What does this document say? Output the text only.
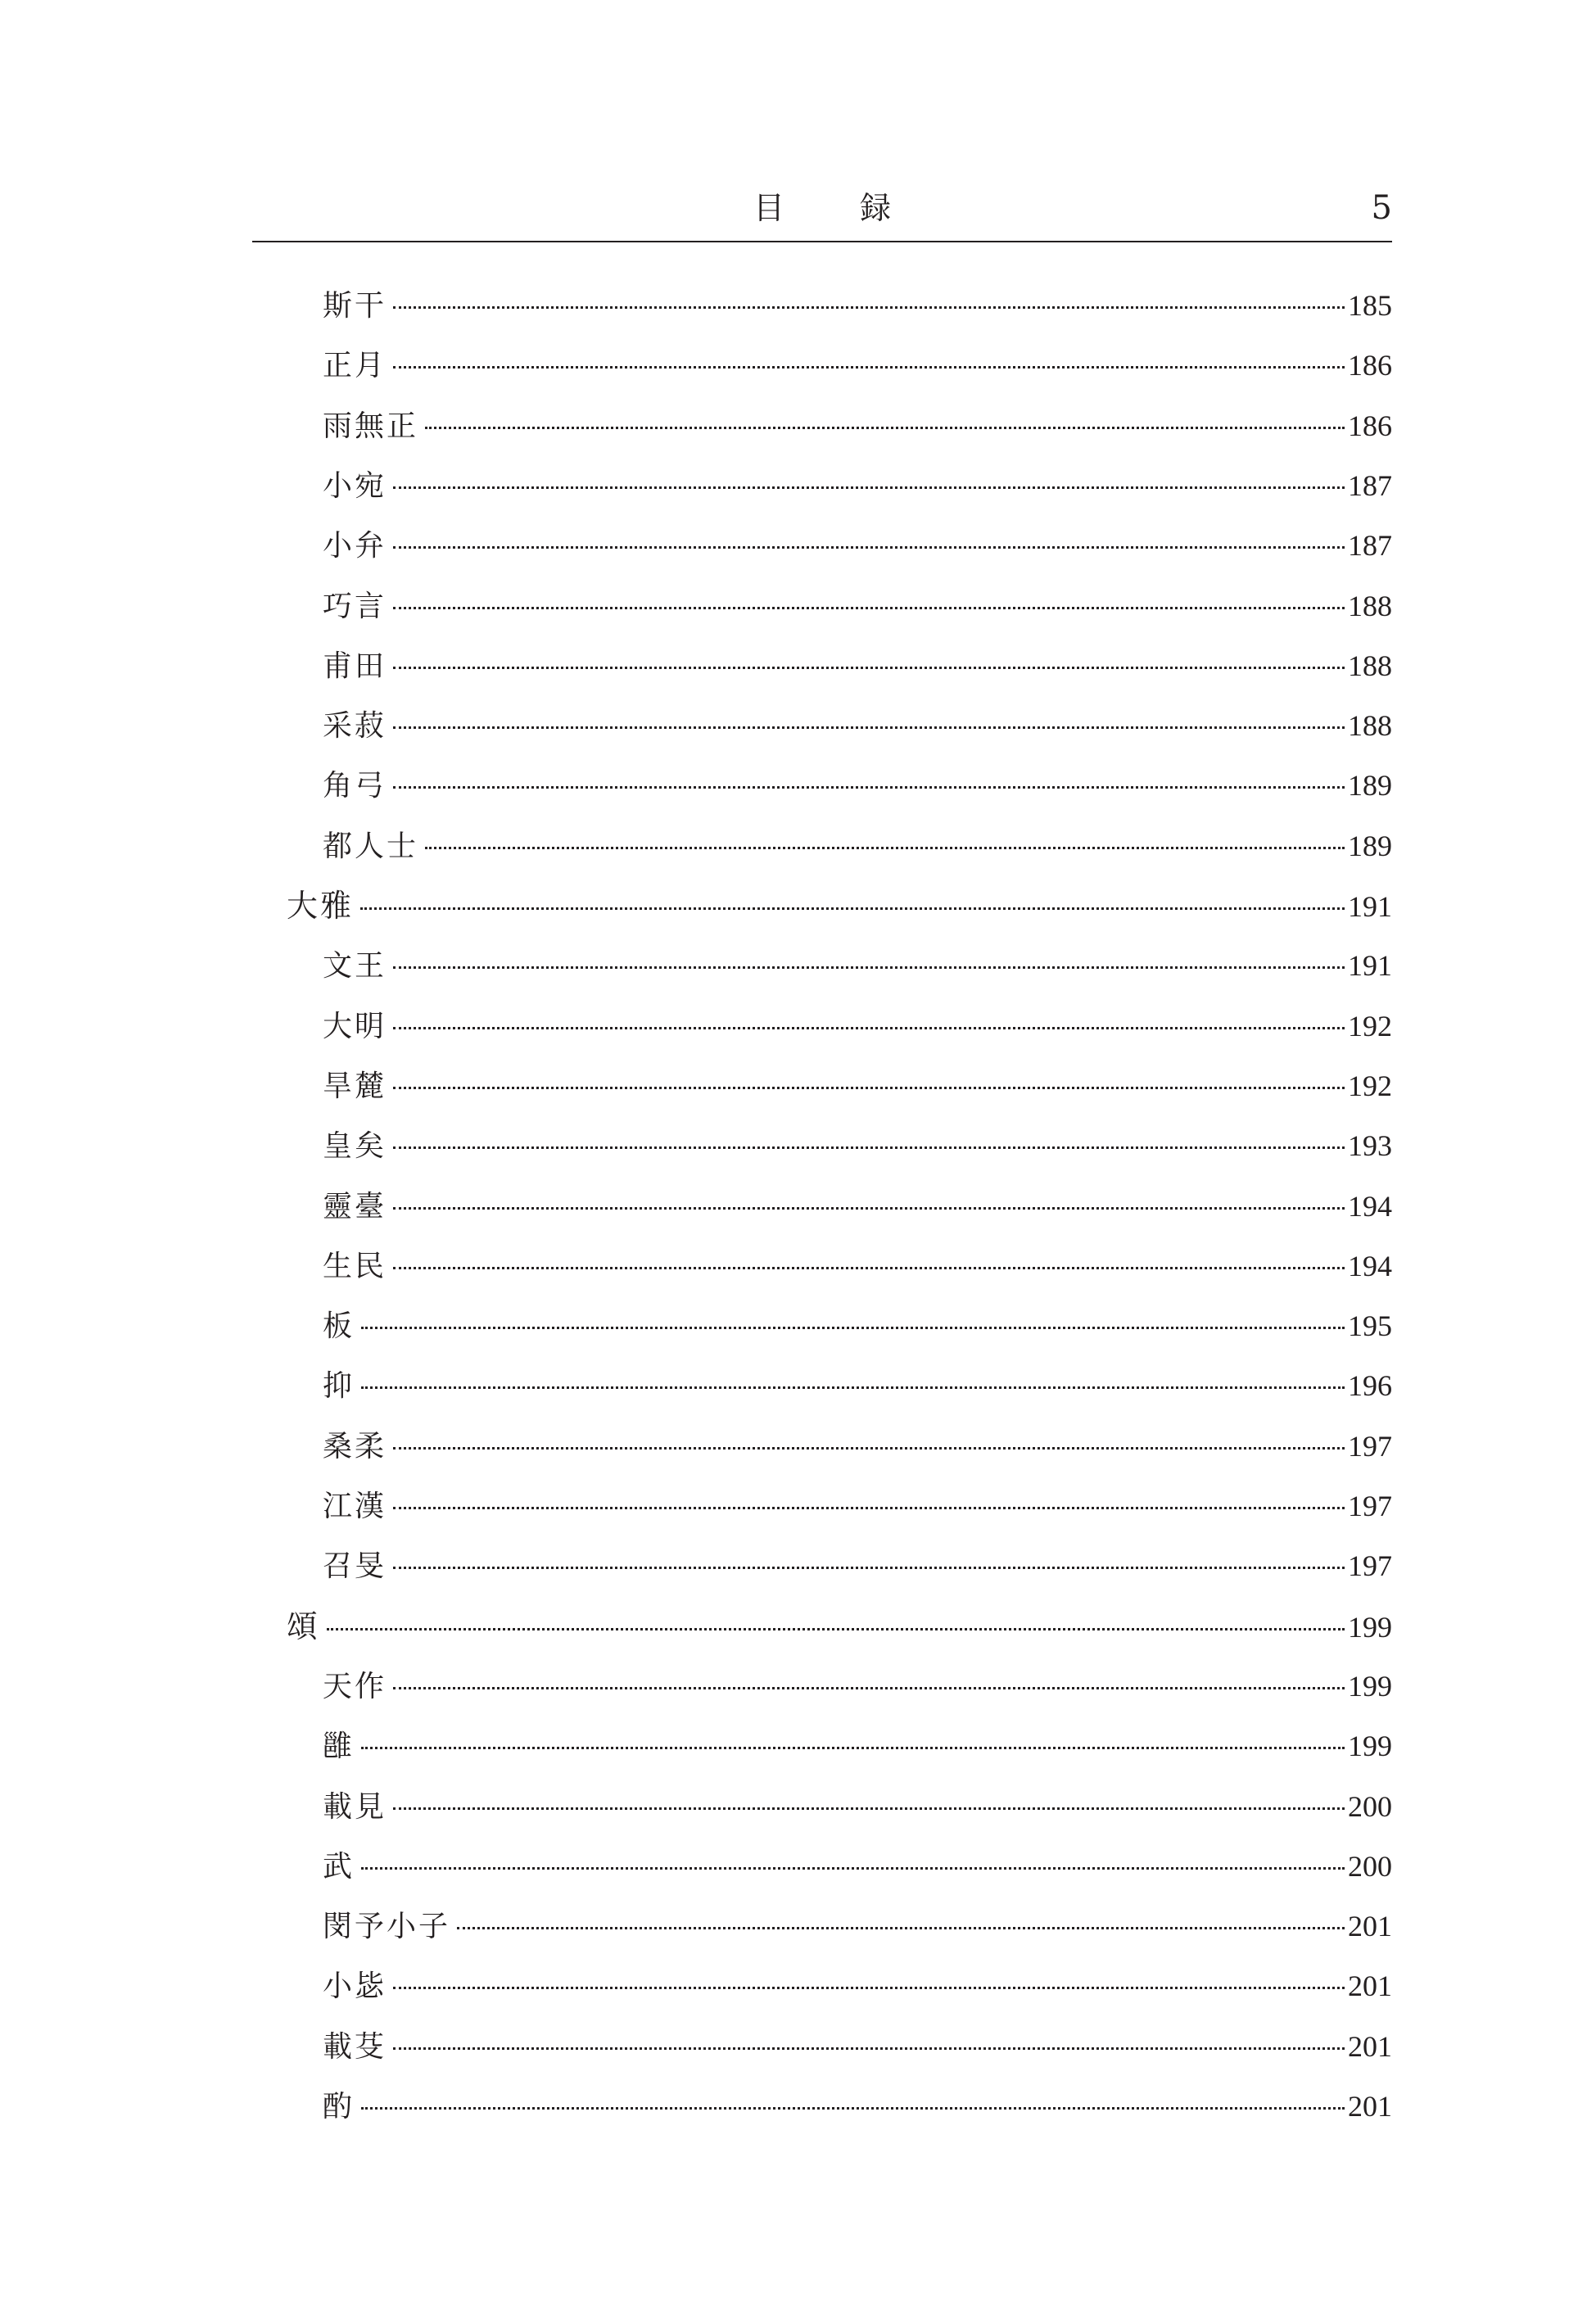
目 録	5
斯干	185
正月	186
雨無正	186
小宛	187
小弁	187
巧言	188
甫田	188
采菽	188
角弓	189
都人士	189
大雅	191
文王	191
大明	192
旱麓	192
皇矣	193
靈臺	194
生民	194
板	195
抑	196
桑柔	197
江漢	197
召旻	197
頌	199
天作	199
雝	199
載見	200
武	200
閔予小子	201
小毖	201
載芟	201
酌	201
